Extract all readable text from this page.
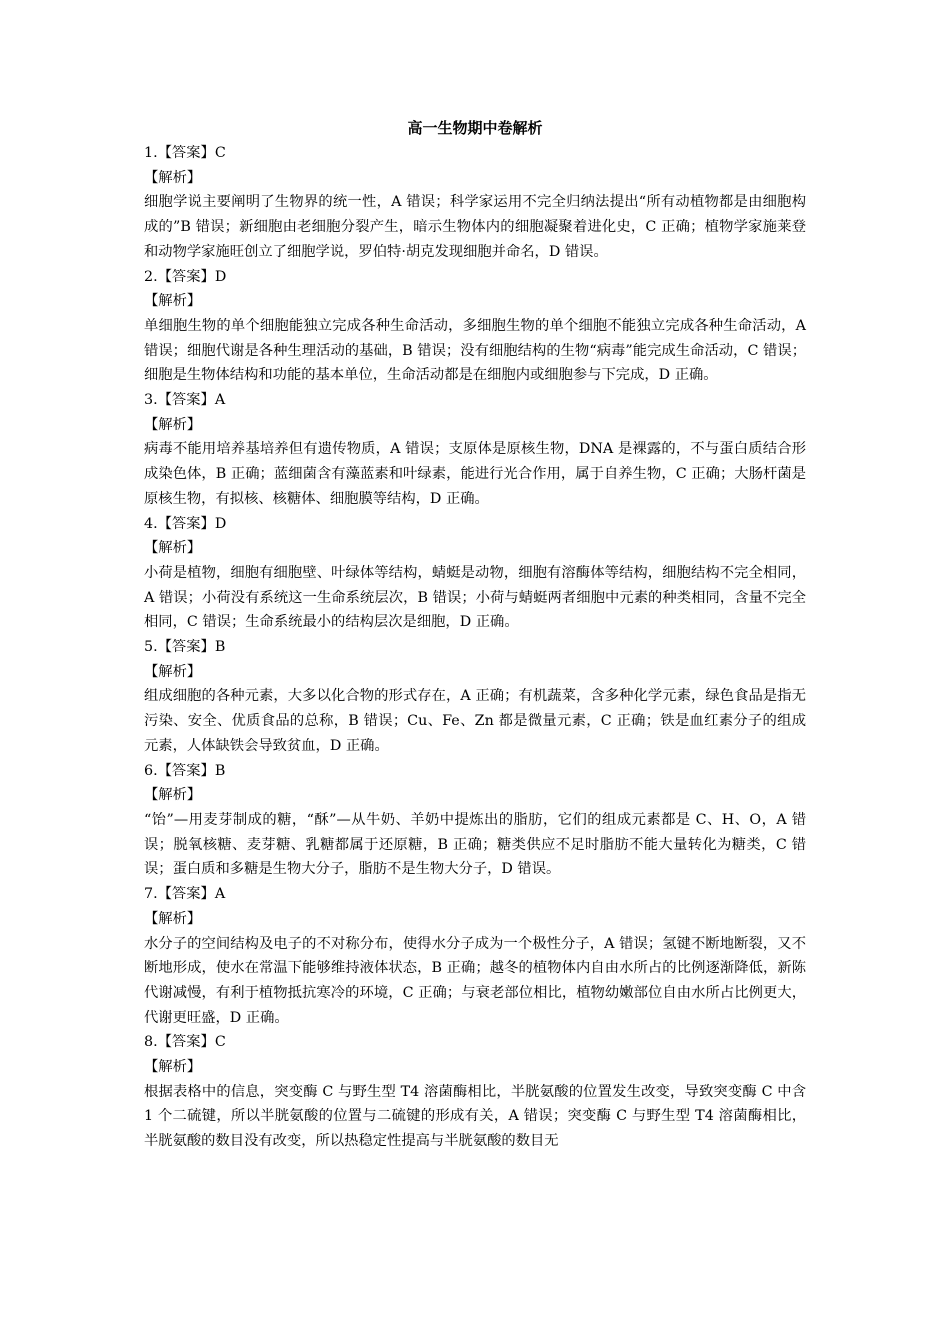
高一生物期中卷解析
1.【答案】C
【解析】
细胞学说主要阐明了生物界的统一性，A 错误；科学家运用不完全归纳法提出“所有动植物都是由细胞构成的”B 错误；新细胞由老细胞分裂产生，暗示生物体内的细胞凝聚着进化史，C 正确；植物学家施莱登和动物学家施旺创立了细胞学说，罗伯特·胡克发现细胞并命名，D 错误。
2.【答案】D
【解析】
单细胞生物的单个细胞能独立完成各种生命活动，多细胞生物的单个细胞不能独立完成各种生命活动，A 错误；细胞代谢是各种生理活动的基础，B 错误；没有细胞结构的生物“病毒”能完成生命活动，C 错误；细胞是生物体结构和功能的基本单位，生命活动都是在细胞内或细胞参与下完成，D 正确。
3.【答案】A
【解析】
病毒不能用培养基培养但有遗传物质，A 错误；支原体是原核生物，DNA 是裸露的，不与蛋白质结合形成染色体，B 正确；蓝细菌含有藻蓝素和叶绿素，能进行光合作用，属于自养生物，C 正确；大肠杆菌是原核生物，有拟核、核糖体、细胞膜等结构，D 正确。
4.【答案】D
【解析】
小荷是植物，细胞有细胞壁、叶绿体等结构，蜻蜓是动物，细胞有溶酶体等结构，细胞结构不完全相同，A 错误；小荷没有系统这一生命系统层次，B 错误；小荷与蜻蜓两者细胞中元素的种类相同，含量不完全相同，C 错误；生命系统最小的结构层次是细胞，D 正确。
5.【答案】B
【解析】
组成细胞的各种元素，大多以化合物的形式存在，A 正确；有机蔬菜，含多种化学元素，绿色食品是指无污染、安全、优质食品的总称，B 错误；Cu、Fe、Zn 都是微量元素，C 正确；铁是血红素分子的组成元素，人体缺铁会导致贫血，D 正确。
6.【答案】B
【解析】
“饴”—用麦芽制成的糖，“酥”—从牛奶、羊奶中提炼出的脂肪，它们的组成元素都是 C、H、O，A 错误；脱氧核糖、麦芽糖、乳糖都属于还原糖，B 正确；糖类供应不足时脂肪不能大量转化为糖类，C 错误；蛋白质和多糖是生物大分子，脂肪不是生物大分子，D 错误。
7.【答案】A
【解析】
水分子的空间结构及电子的不对称分布，使得水分子成为一个极性分子，A 错误；氢键不断地断裂，又不断地形成，使水在常温下能够维持液体状态，B 正确；越冬的植物体内自由水所占的比例逐渐降低，新陈代谢减慢，有利于植物抵抗寒冷的环境，C 正确；与衰老部位相比，植物幼嫩部位自由水所占比例更大，代谢更旺盛，D 正确。
8.【答案】C
【解析】
根据表格中的信息，突变酶 C 与野生型 T4 溶菌酶相比，半胱氨酸的位置发生改变，导致突变酶 C 中含 1 个二硫键，所以半胱氨酸的位置与二硫键的形成有关，A 错误；突变酶 C 与野生型 T4 溶菌酶相比，半胱氨酸的数目没有改变，所以热稳定性提高与半胱氨酸的数目无
